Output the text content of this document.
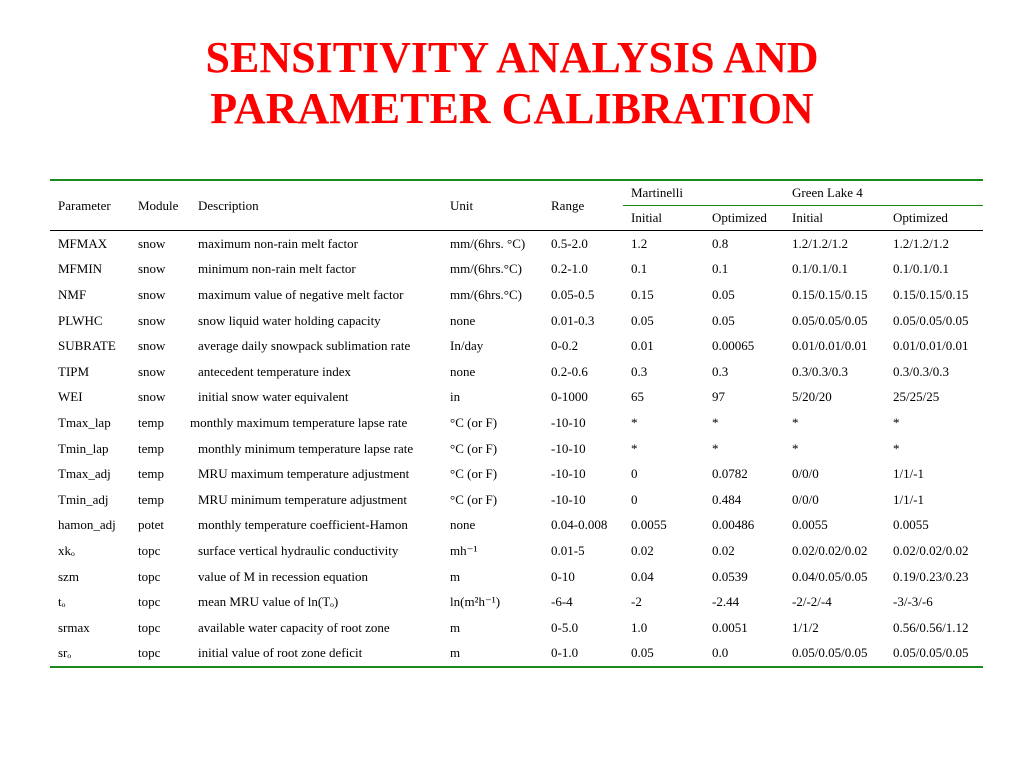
SENSITIVITY ANALYSIS AND
PARAMETER CALIBRATION
Parameter	Module	Description	Unit	Range	Martinelli		Green Lake 4	
					Initial	Optimized	Initial	Optimized
MFMAX	snow	maximum non-rain melt factor	mm/(6hrs. °C)	0.5-2.0	1.2	0.8	1.2/1.2/1.2	1.2/1.2/1.2
MFMIN	snow	minimum non-rain melt factor	mm/(6hrs.°C)	0.2-1.0	0.1	0.1	0.1/0.1/0.1	0.1/0.1/0.1
NMF	snow	maximum value of negative melt factor	mm/(6hrs.°C)	0.05-0.5	0.15	0.05	0.15/0.15/0.15	0.15/0.15/0.15
PLWHC	snow	snow liquid water holding capacity	none	0.01-0.3	0.05	0.05	0.05/0.05/0.05	0.05/0.05/0.05
SUBRATE	snow	average daily snowpack sublimation rate	In/day	0-0.2	0.01	0.00065	0.01/0.01/0.01	0.01/0.01/0.01
TIPM	snow	antecedent temperature index	none	0.2-0.6	0.3	0.3	0.3/0.3/0.3	0.3/0.3/0.3
WEI	snow	initial snow water equivalent	in	0-1000	65	97	5/20/20	25/25/25
Tmax_lap	temp	monthly maximum temperature lapse rate	°C (or F)	-10-10	*	*	*	*
Tmin_lap	temp	monthly minimum temperature lapse rate	°C (or F)	-10-10	*	*	*	*
Tmax_adj	temp	MRU maximum temperature adjustment	°C (or F)	-10-10	0	0.0782	0/0/0	1/1/-1
Tmin_adj	temp	MRU minimum temperature adjustment	°C (or F)	-10-10	0	0.484	0/0/0	1/1/-1
hamon_adj	potet	monthly temperature coefficient-Hamon	none	0.04-0.008	0.0055	0.00486	0.0055	0.0055
xkₒ	topc	surface vertical hydraulic conductivity	mh⁻¹	0.01-5	0.02	0.02	0.02/0.02/0.02	0.02/0.02/0.02
szm	topc	value of M in recession equation	m	0-10	0.04	0.0539	0.04/0.05/0.05	0.19/0.23/0.23
tₒ	topc	mean MRU value of ln(Tₒ)	ln(m²h⁻¹)	-6-4	-2	-2.44	-2/-2/-4	-3/-3/-6
srmax	topc	available water capacity of root zone	m	0-5.0	1.0	0.0051	1/1/2	0.56/0.56/1.12
srₒ	topc	initial value of root zone deficit	m	0-1.0	0.05	0.0	0.05/0.05/0.05	0.05/0.05/0.05
